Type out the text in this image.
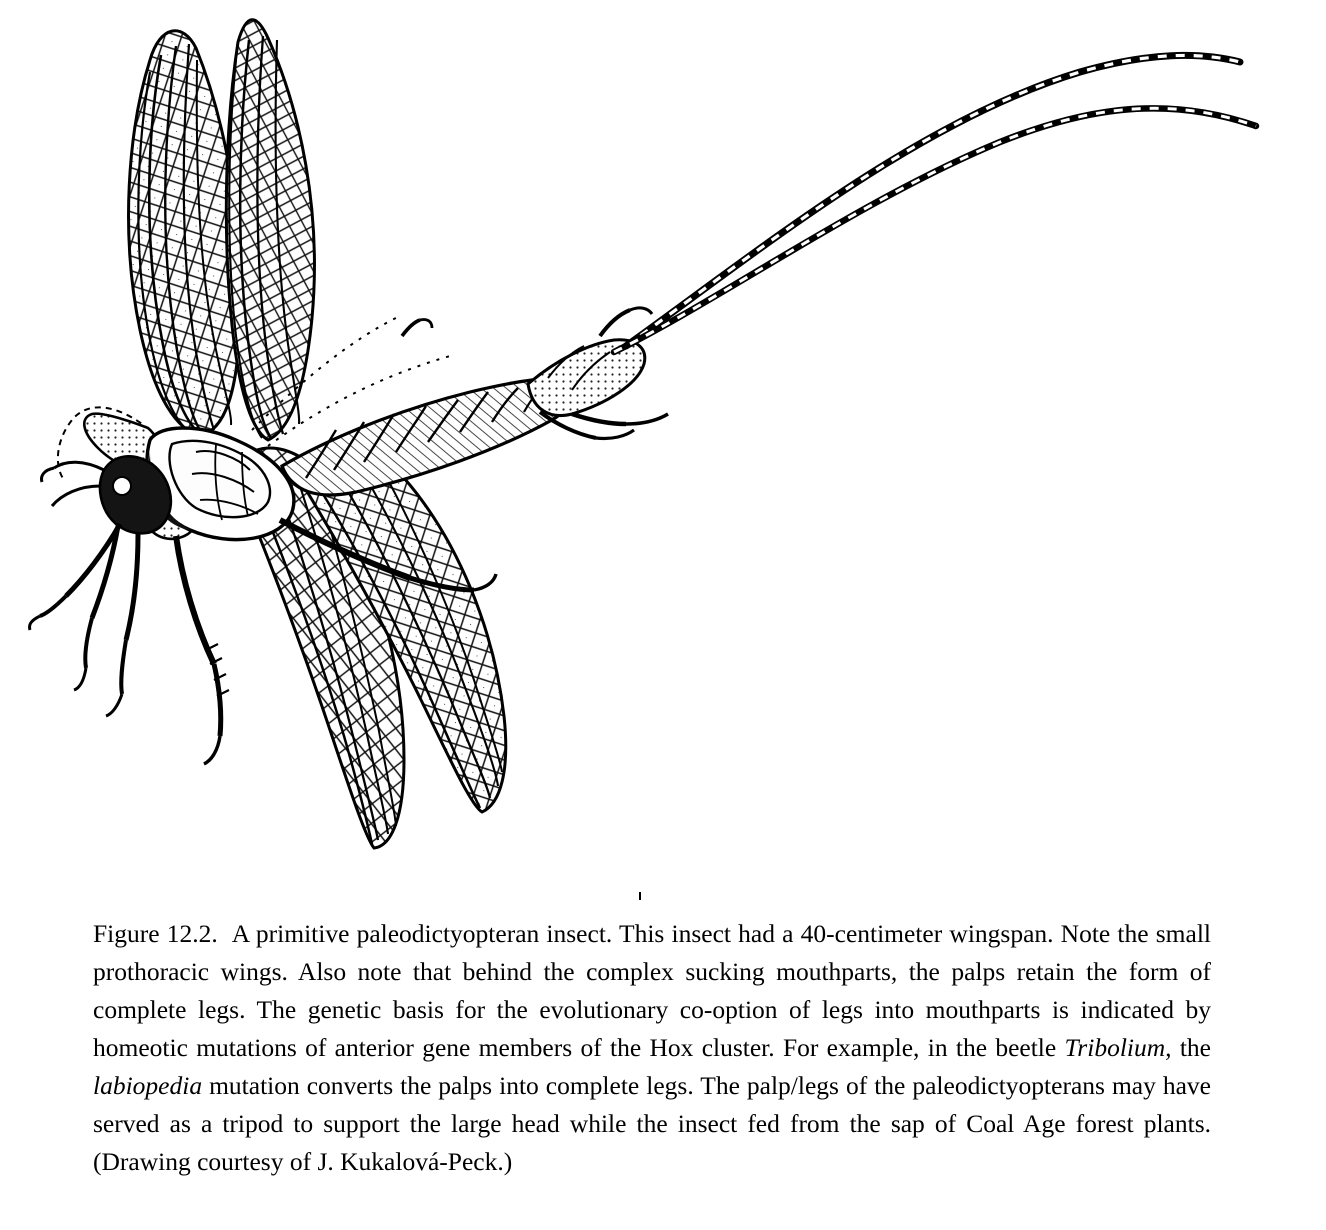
Figure 12.2. A primitive paleodictyopteran insect. This insect had a 40-centimeter wingspan. Note the small prothoracic wings. Also note that behind the complex sucking mouthparts, the palps retain the form of complete legs. The genetic basis for the evolutionary co-option of legs into mouthparts is indicated by homeotic mutations of anterior gene members of the Hox cluster. For example, in the beetle Tribolium, the labiopedia mutation converts the palps into complete legs. The palp/legs of the paleodictyopterans may have served as a tripod to support the large head while the insect fed from the sap of Coal Age forest plants. (Drawing courtesy of J. Kukalová-Peck.)
